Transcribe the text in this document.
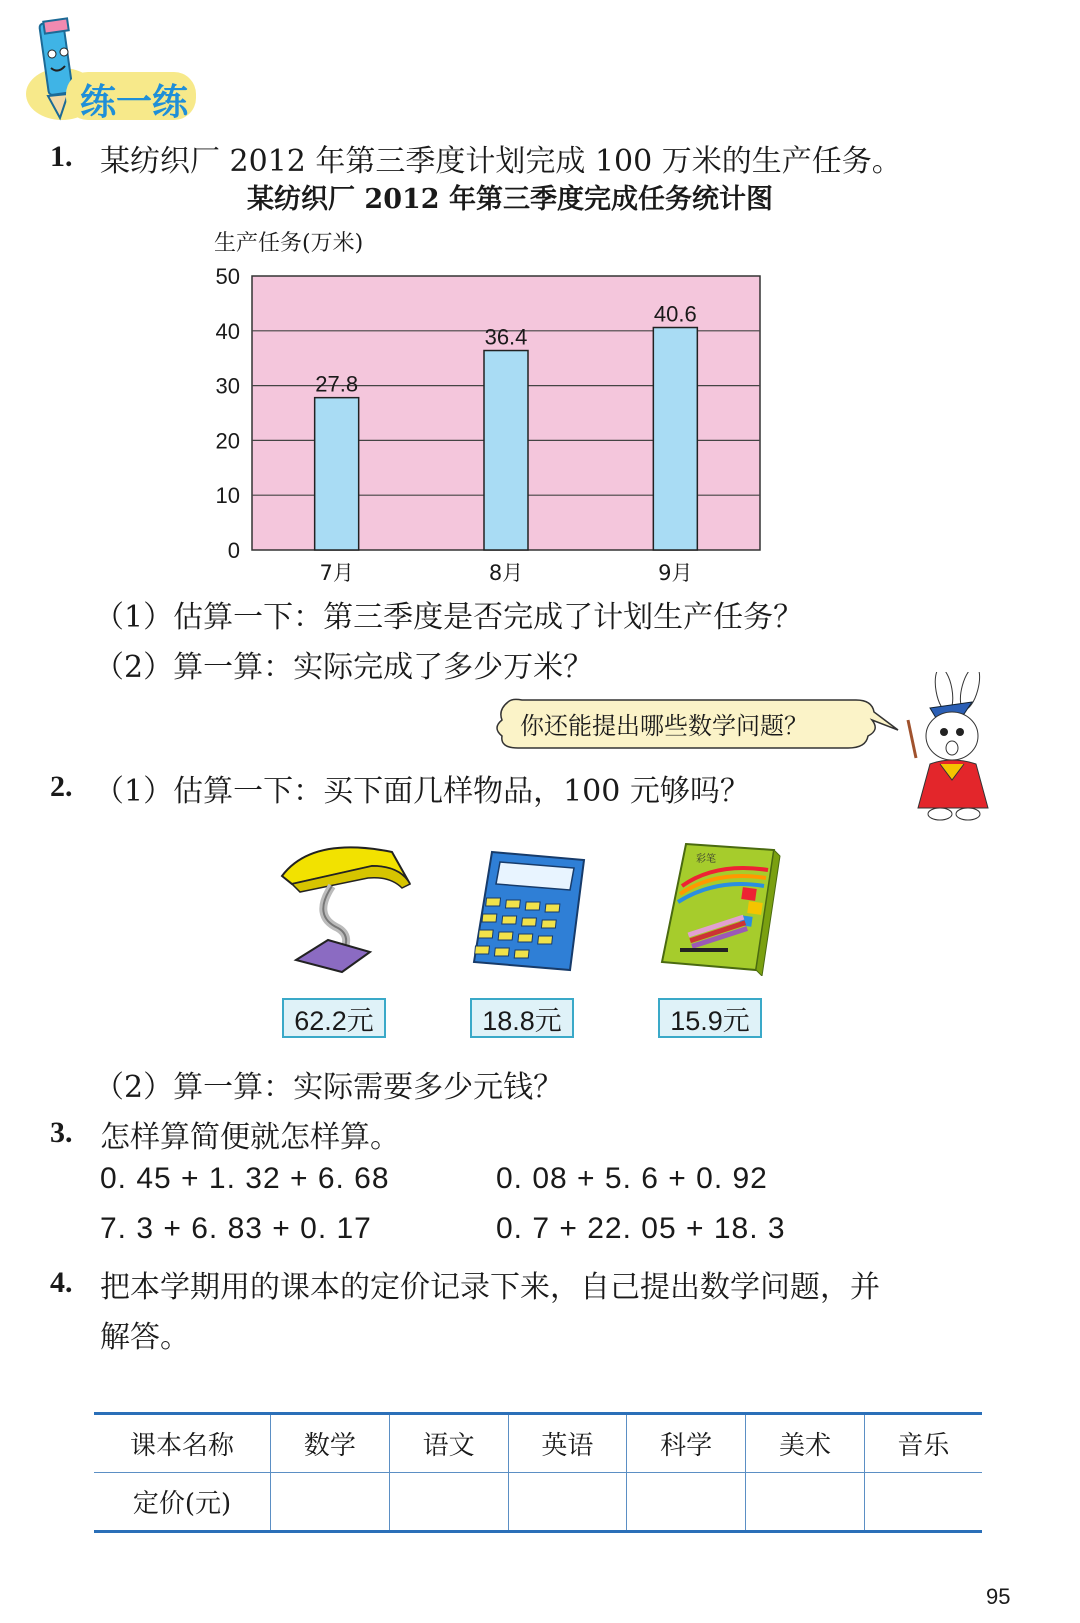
练一练
1. 某纺织厂 2012 年第三季度计划完成 100 万米的生产任务。
某纺织厂 2012 年第三季度完成任务统计图
生产任务(万米)
0
10
20
30
40
50
27.8
7月
36.4
8月
40.6
9月
（1）估算一下：第三季度是否完成了计划生产任务？
（2）算一算：实际完成了多少万米？
你还能提出哪些数学问题？
2. （1）估算一下：买下面几样物品，100 元够吗？
彩笔
62.2元	18.8元	15.9元
（2）算一算：实际需要多少元钱？
3. 怎样算简便就怎样算。
0. 45 + 1. 32 + 6. 68	0. 08 + 5. 6 + 0. 92
7. 3 + 6. 83 + 0. 17	0. 7 + 22. 05 + 18. 3
4. 把本学期用的课本的定价记录下来，自己提出数学问题，并
解答。
课本名称	数学	语文	英语	科学	美术	音乐
定价(元)						
95
